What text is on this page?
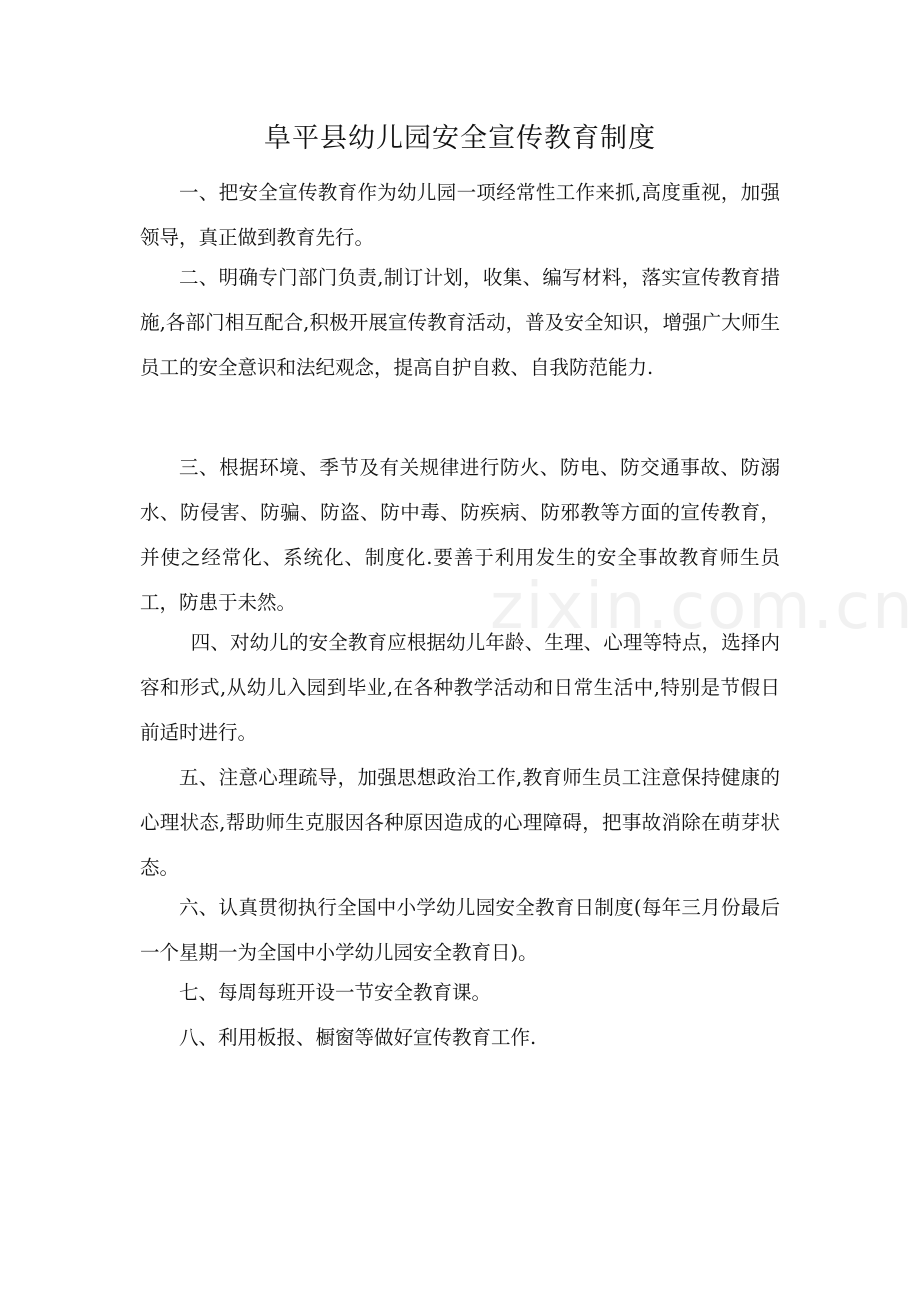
阜平县幼儿园安全宣传教育制度

一、把安全宣传教育作为幼儿园一项经常性工作来抓,高度重视，加强领导，真正做到教育先行。

二、明确专门部门负责,制订计划，收集、编写材料，落实宣传教育措施,各部门相互配合,积极开展宣传教育活动，普及安全知识，增强广大师生员工的安全意识和法纪观念，提高自护自救、自我防范能力.

三、根据环境、季节及有关规律进行防火、防电、防交通事故、防溺水、防侵害、防骗、防盗、防中毒、防疾病、防邪教等方面的宣传教育，并使之经常化、系统化、制度化.要善于利用发生的安全事故教育师生员工，防患于未然。

四、对幼儿的安全教育应根据幼儿年龄、生理、心理等特点，选择内容和形式,从幼儿入园到毕业,在各种教学活动和日常生活中,特别是节假日前适时进行。

五、注意心理疏导，加强思想政治工作,教育师生员工注意保持健康的心理状态,帮助师生克服因各种原因造成的心理障碍，把事故消除在萌芽状态。

六、认真贯彻执行全国中小学幼儿园安全教育日制度(每年三月份最后一个星期一为全国中小学幼儿园安全教育日)。

七、每周每班开设一节安全教育课。

八、利用板报、橱窗等做好宣传教育工作.

zixin.com.cn
